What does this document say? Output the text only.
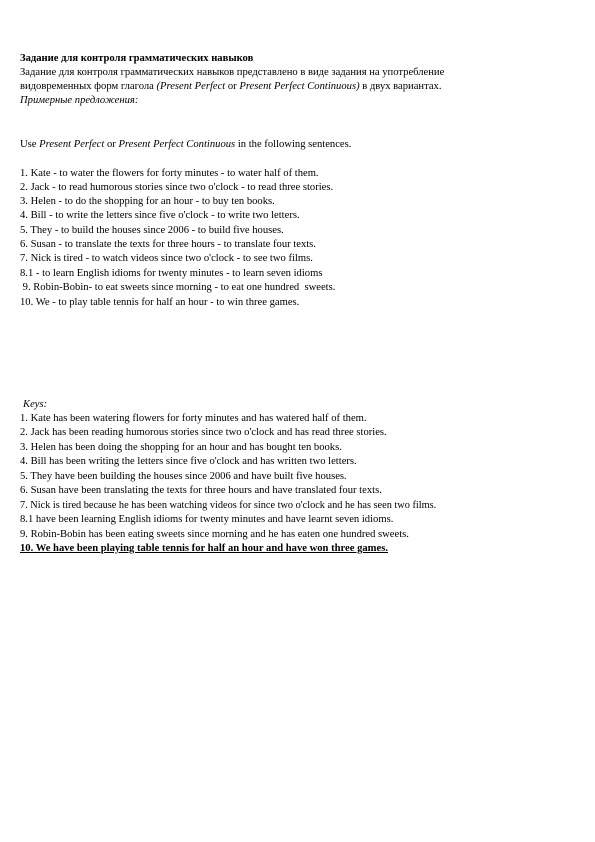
Задание для контроля грамматических навыков
Задание для контроля грамматических навыков представлено в виде задания на употребление
видовременных форм глагола (Present Perfect or Present Perfect Continuous) в двух вариантах.
Примерные предложения:
Use Present Perfect or Present Perfect Continuous in the following sentences.
1. Kate - to water the flowers for forty minutes - to water half of them.
2. Jack - to read humorous stories since two o'clock - to read three stories.
3. Helen - to do the shopping for an hour - to buy ten books.
4. Bill - to write the letters since five o'clock - to write two letters.
5. They - to build the houses since 2006 - to build five houses.
6. Susan - to translate the texts for three hours - to translate four texts.
7. Nick is tired - to watch videos since two o'clock - to see two films.
8.1 - to learn English idioms for twenty minutes - to learn seven idioms
9. Robin-Bobin- to eat sweets since morning - to eat one hundred  sweets.
10. We - to play table tennis for half an hour - to win three games.
Keys:
1. Kate has been watering flowers for forty minutes and has watered half of them.
2. Jack has been reading humorous stories since two o'clock and has read three stories.
3. Helen has been doing the shopping for an hour and has bought ten books.
4. Bill has been writing the letters since five o'clock and has written two letters.
5. They have been building the houses since 2006 and have built five houses.
6. Susan have been translating the texts for three hours and have translated four texts.
7. Nick is tired because he has been watching videos for since two o'clock and he has seen two films.
8.1 have been learning English idioms for twenty minutes and have learnt seven idioms.
9. Robin-Bobin has been eating sweets since morning and he has eaten one hundred sweets.
10. We have been playing table tennis for half an hour and have won three games.
